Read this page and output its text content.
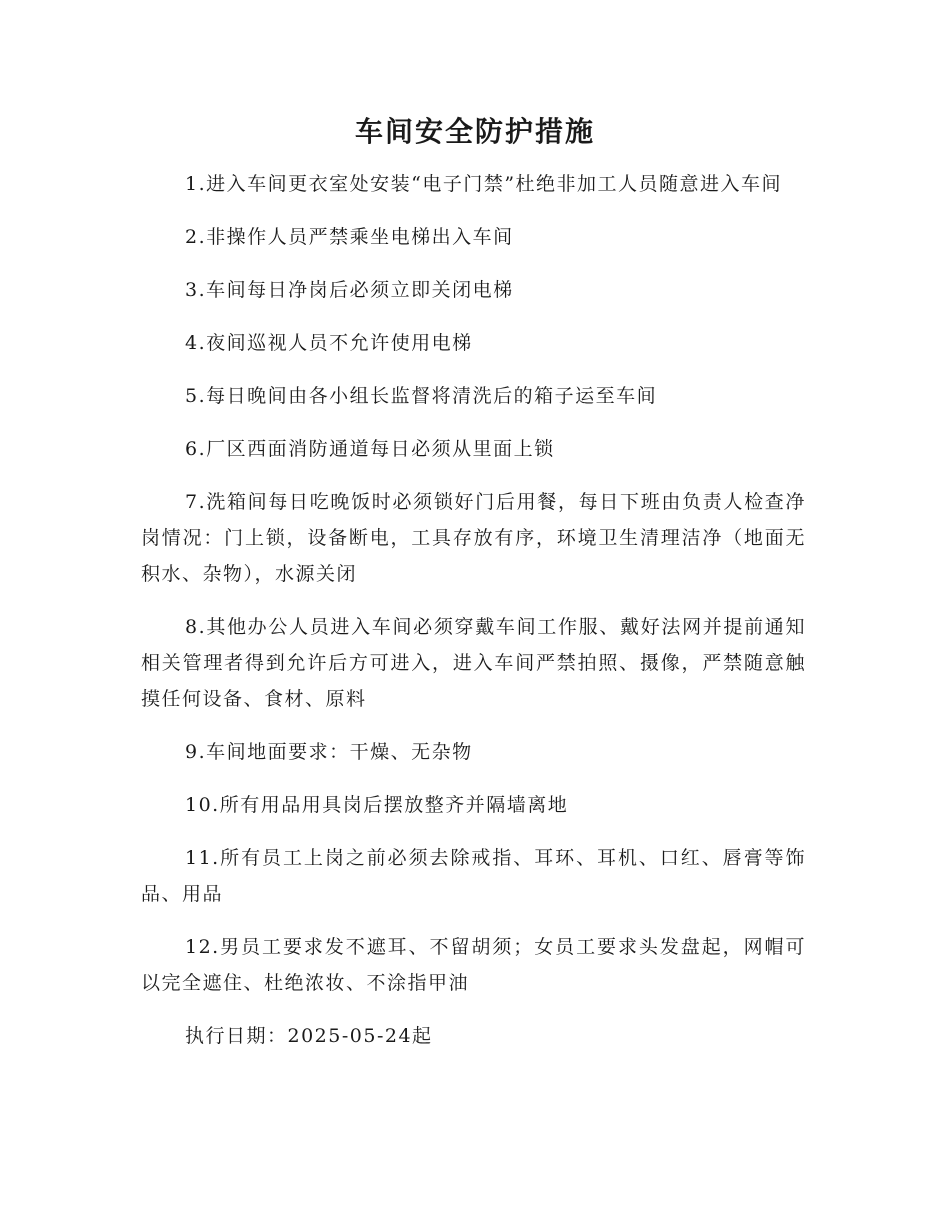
车间安全防护措施

1.进入车间更衣室处安装“电子门禁”杜绝非加工人员随意进入车间

2.非操作人员严禁乘坐电梯出入车间

3.车间每日净岗后必须立即关闭电梯

4.夜间巡视人员不允许使用电梯

5.每日晚间由各小组长监督将清洗后的箱子运至车间

6.厂区西面消防通道每日必须从里面上锁

7.洗箱间每日吃晚饭时必须锁好门后用餐，每日下班由负责人检查净岗情况：门上锁，设备断电，工具存放有序，环境卫生清理洁净（地面无积水、杂物），水源关闭

8.其他办公人员进入车间必须穿戴车间工作服、戴好法网并提前通知相关管理者得到允许后方可进入，进入车间严禁拍照、摄像，严禁随意触摸任何设备、食材、原料

9.车间地面要求：干燥、无杂物

10.所有用品用具岗后摆放整齐并隔墙离地

11.所有员工上岗之前必须去除戒指、耳环、耳机、口红、唇膏等饰品、用品

12.男员工要求发不遮耳、不留胡须；女员工要求头发盘起，网帽可以完全遮住、杜绝浓妆、不涂指甲油

执行日期：2025-05-24起
